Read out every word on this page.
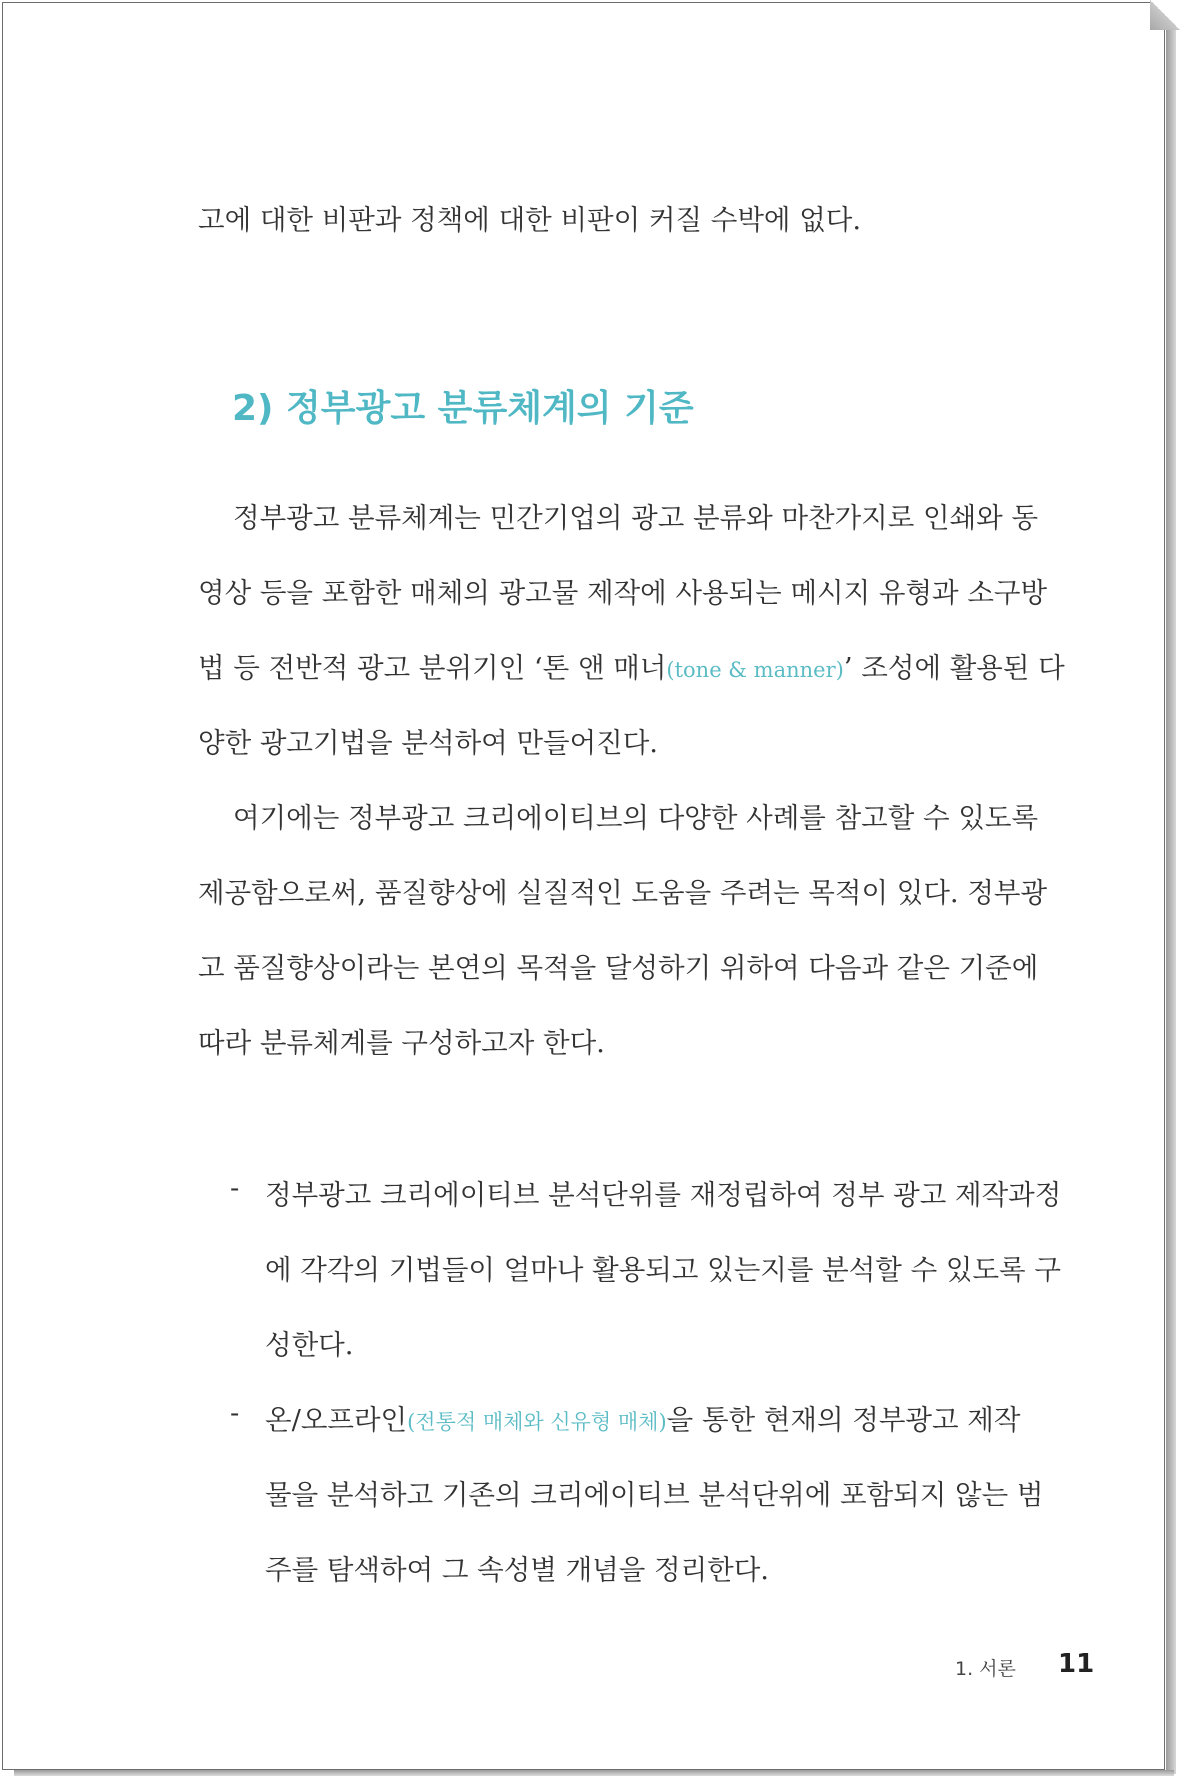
고에 대한 비판과 정책에 대한 비판이 커질 수박에 없다.
2) 정부광고 분류체계의 기준
정부광고 분류체계는 민간기업의 광고 분류와 마찬가지로 인쇄와 동
영상 등을 포함한 매체의 광고물 제작에 사용되는 메시지 유형과 소구방
법 등 전반적 광고 분위기인 ‘톤 앤 매너(tone & manner)’ 조성에 활용된 다
양한 광고기법을 분석하여 만들어진다.
여기에는 정부광고 크리에이티브의 다양한 사례를 참고할 수 있도록
제공함으로써, 품질향상에 실질적인 도움을 주려는 목적이 있다. 정부광
고 품질향상이라는 본연의 목적을 달성하기 위하여 다음과 같은 기준에
따라 분류체계를 구성하고자 한다.
- 정부광고 크리에이티브 분석단위를 재정립하여 정부 광고 제작과정
에 각각의 기법들이 얼마나 활용되고 있는지를 분석할 수 있도록 구
성한다.
- 온/오프라인(전통적 매체와 신유형 매체)을 통한 현재의 정부광고 제작
물을 분석하고 기존의 크리에이티브 분석단위에 포함되지 않는 범
주를 탐색하여 그 속성별 개념을 정리한다.
1. 서론 11
